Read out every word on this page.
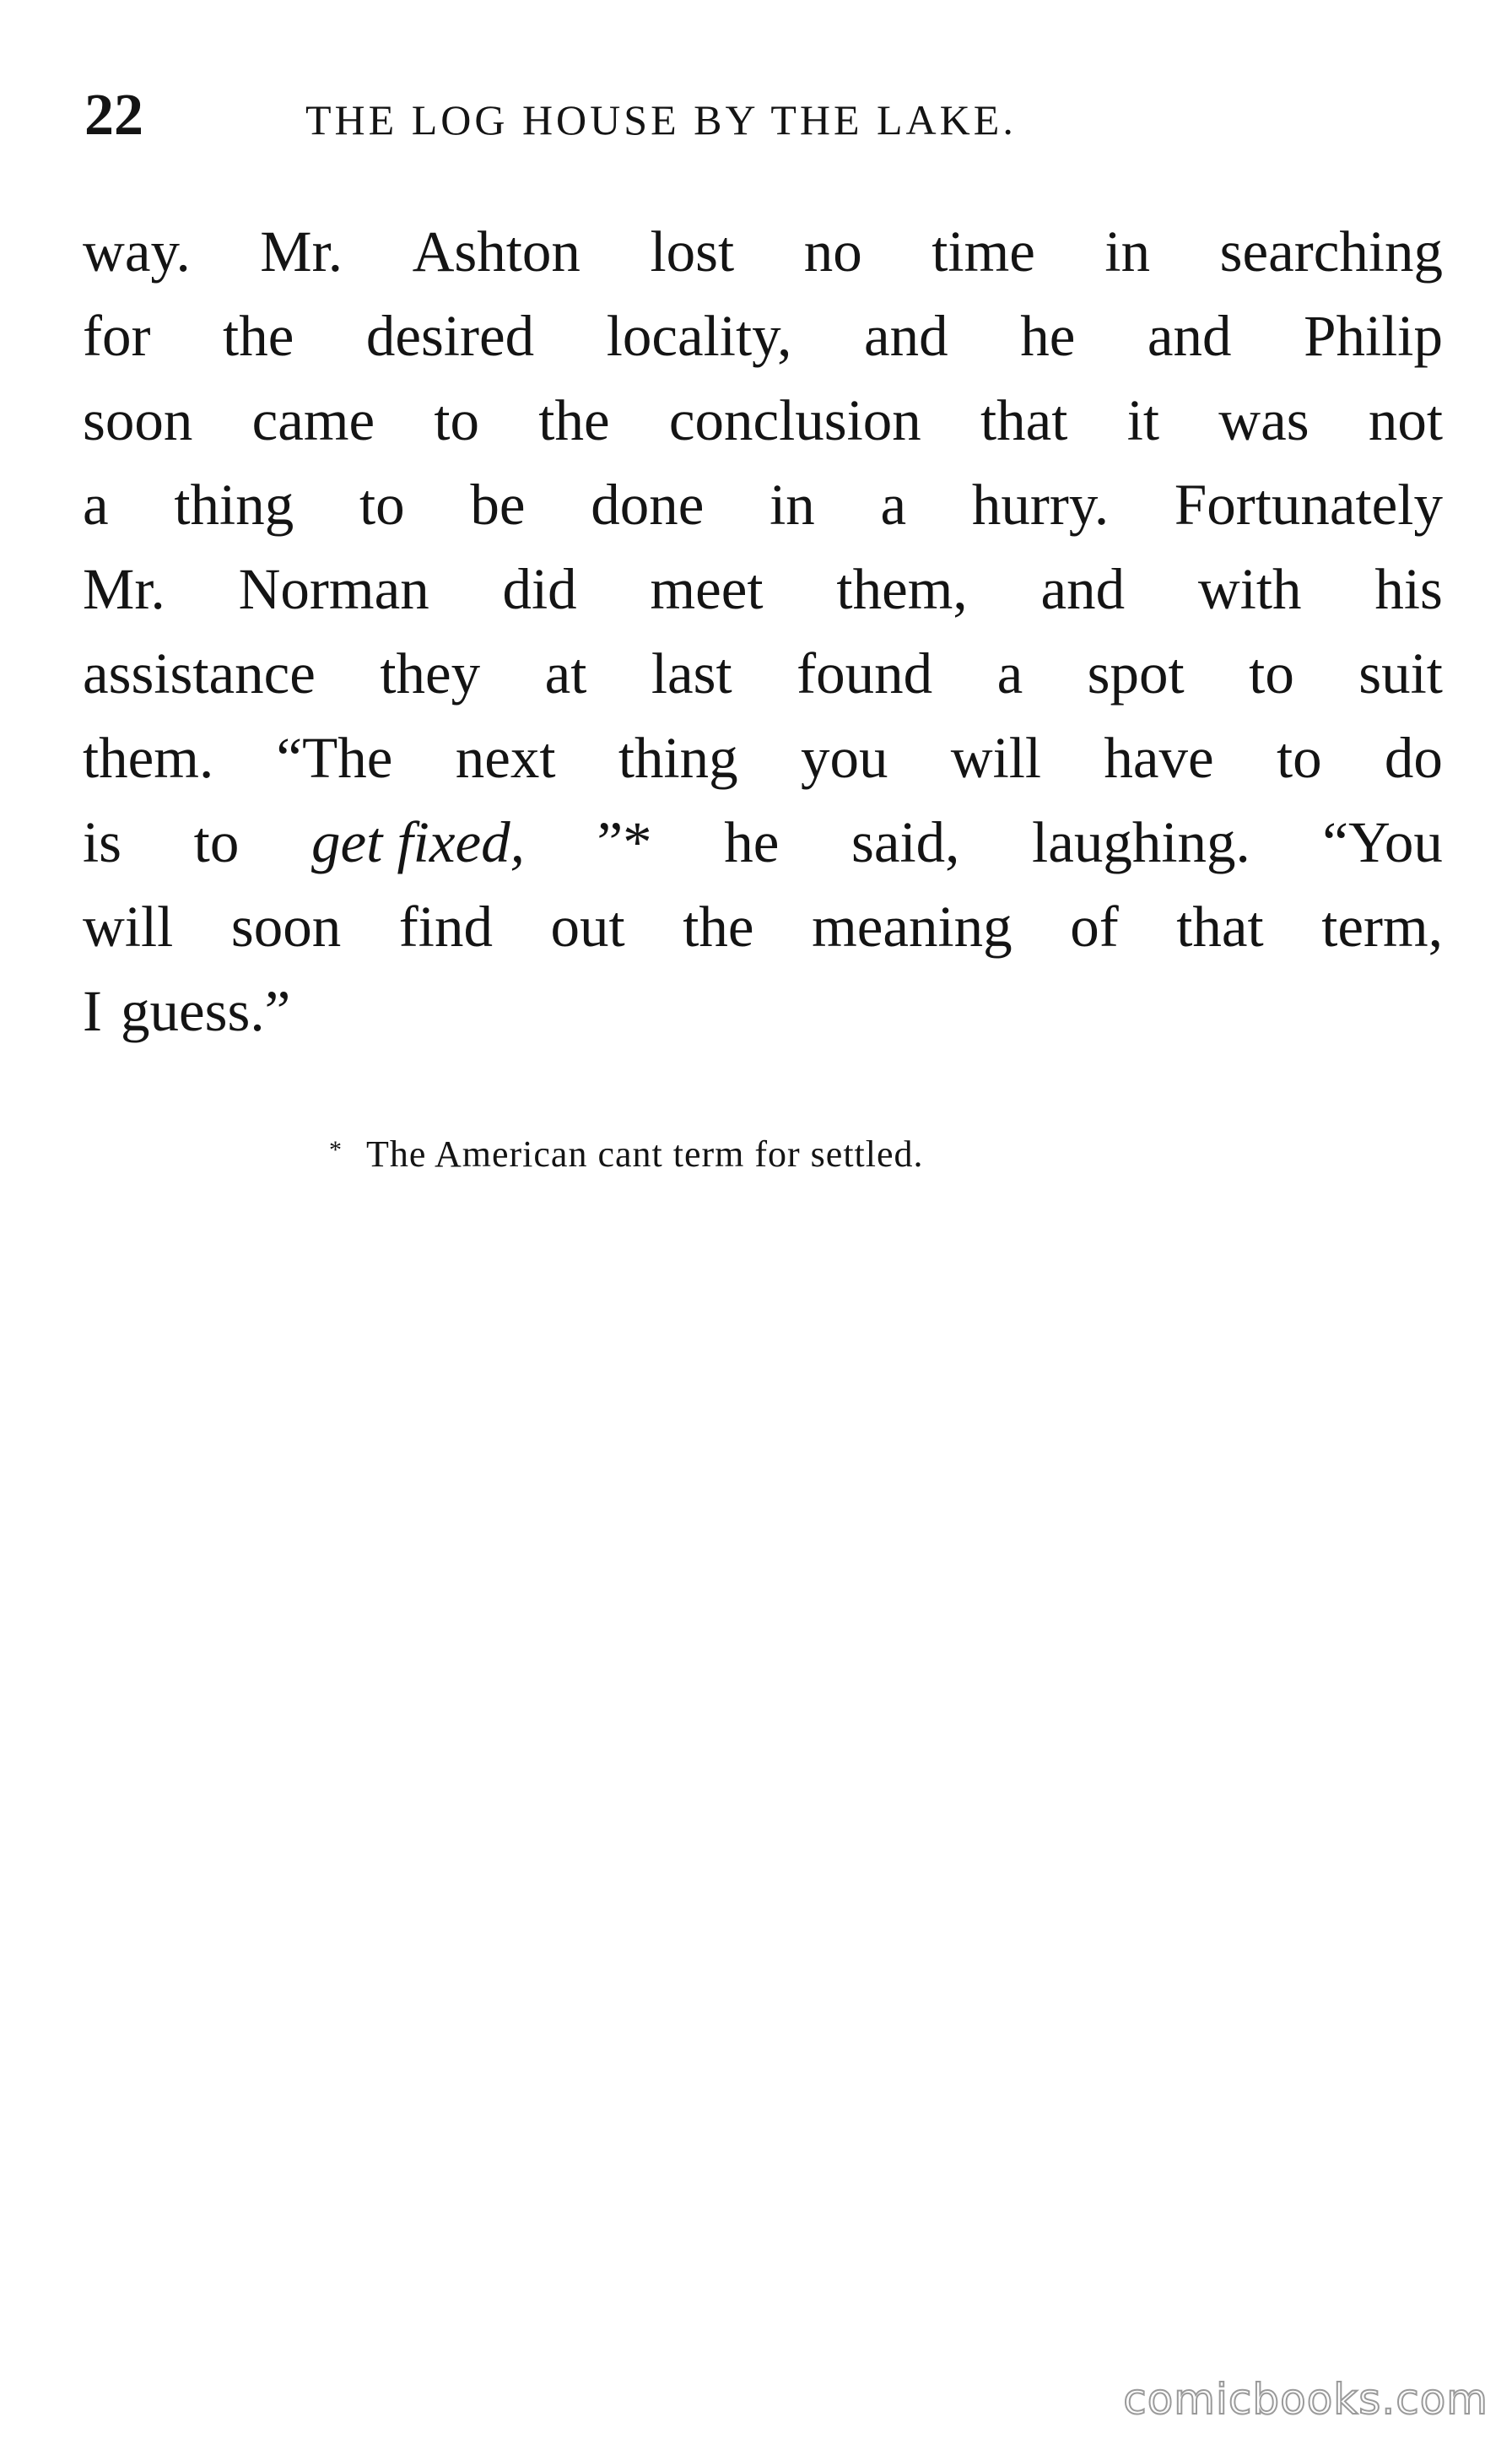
22	THE LOG HOUSE BY THE LAKE.
way. Mr. Ashton lost no time in searching
for the desired locality, and he and Philip
soon came to the conclusion that it was not
a thing to be done in a hurry. Fortunately
Mr. Norman did meet them, and with his
assistance they at last found a spot to suit
them. “The next thing you will have to do
is to get fixed, ”* he said, laughing. “You
will soon find out the meaning of that term,
I guess.”
* The American cant term for settled.
comicbooks.com
